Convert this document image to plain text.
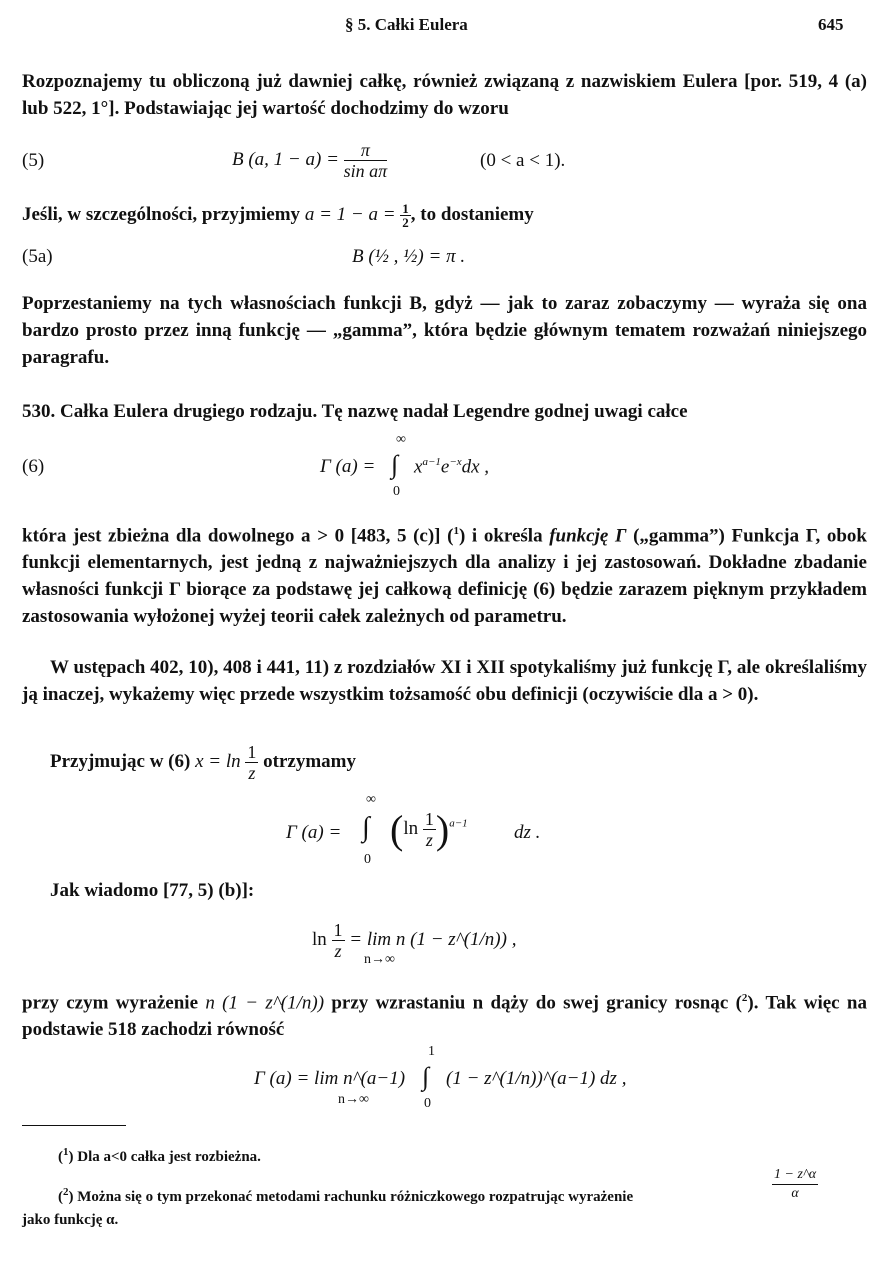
§ 5. Całki Eulera	645
Rozpoznajemy tu obliczoną już dawniej całkę, również związaną z nazwiskiem Eulera [por. 519, 4 (a) lub 522, 1°]. Podstawiając jej wartość dochodzimy do wzoru
(5)	B (a, $1 - a) = \frac{\pi}{\text{sin aπ}}$	(0 < a < 1).
Jeśli, w szczególności, przyjmiemy $a = 1 - a = \frac{1}{2}$ , to dostaniemy
(5a)	B (½ , ½) = π .
Poprzestaniemy na tych własnościach funkcji B, gdyż — jak to zaraz zobaczymy — wyraża się ona bardzo prosto przez inną funkcję — „gamma”, która będzie głównym tematem rozważań niniejszego paragrafu.
530. Całka Eulera drugiego rodzaju. Tę nazwę nadał Legendre godnej uwagi całce
(6)	Γ (a) =
∞
∫
0
$x^{a-1}e^{-x}dx$ ,
która jest zbieżna dla dowolnego a > 0 [483, 5 (c)] ($^1$) i określa funkcję Γ („gamma”) Funkcja Γ, obok funkcji elementarnych, jest jedną z najważniejszych dla analizy i jej zastosowań. Dokładne zbadanie własności funkcji Γ biorące za podstawę jej całkową definicję (6) będzie zarazem pięknym przykładem zastosowania wyłożonej wyżej teorii całek zależnych od parametru.
W ustępach 402, 10), 408 i 441, 11) z rozdziałów XI i XII spotykaliśmy już funkcję Γ, ale określaliśmy ją inaczej, wykażemy więc przede wszystkim tożsamość obu definicji (oczywiście dla a > 0).
Przyjmując w (6) $x = \ln \frac{1}{z}$ otrzymamy
Γ (a) =
∞
∫
0
$(\ln \frac{1}{z} )^{a-1}$ dz .
Jak wiadomo [77, 5) (b)]:
$\ln \frac{1}{z} = \lim n$ (1 − z^(1/n)) ,
n→∞
przy czym wyrażenie n (1 − z^(1/n)) przy wzrastaniu n dąży do swej granicy rosnąc ($^2$). Tak więc na podstawie 518 zachodzi równość
Γ (a) = lim n^(a−1)
n→∞
1
∫
0
(1 − z^(1/n))^(a−1) dz ,
($^1$) Dla a<0 całka jest rozbieżna.
($^2$) Można się o tym przekonać metodami rachunku różniczkowego rozpatrując wyrażenie	$\frac{1 - z\^{}\alpha}{\alpha}$
jako funkcję α.
